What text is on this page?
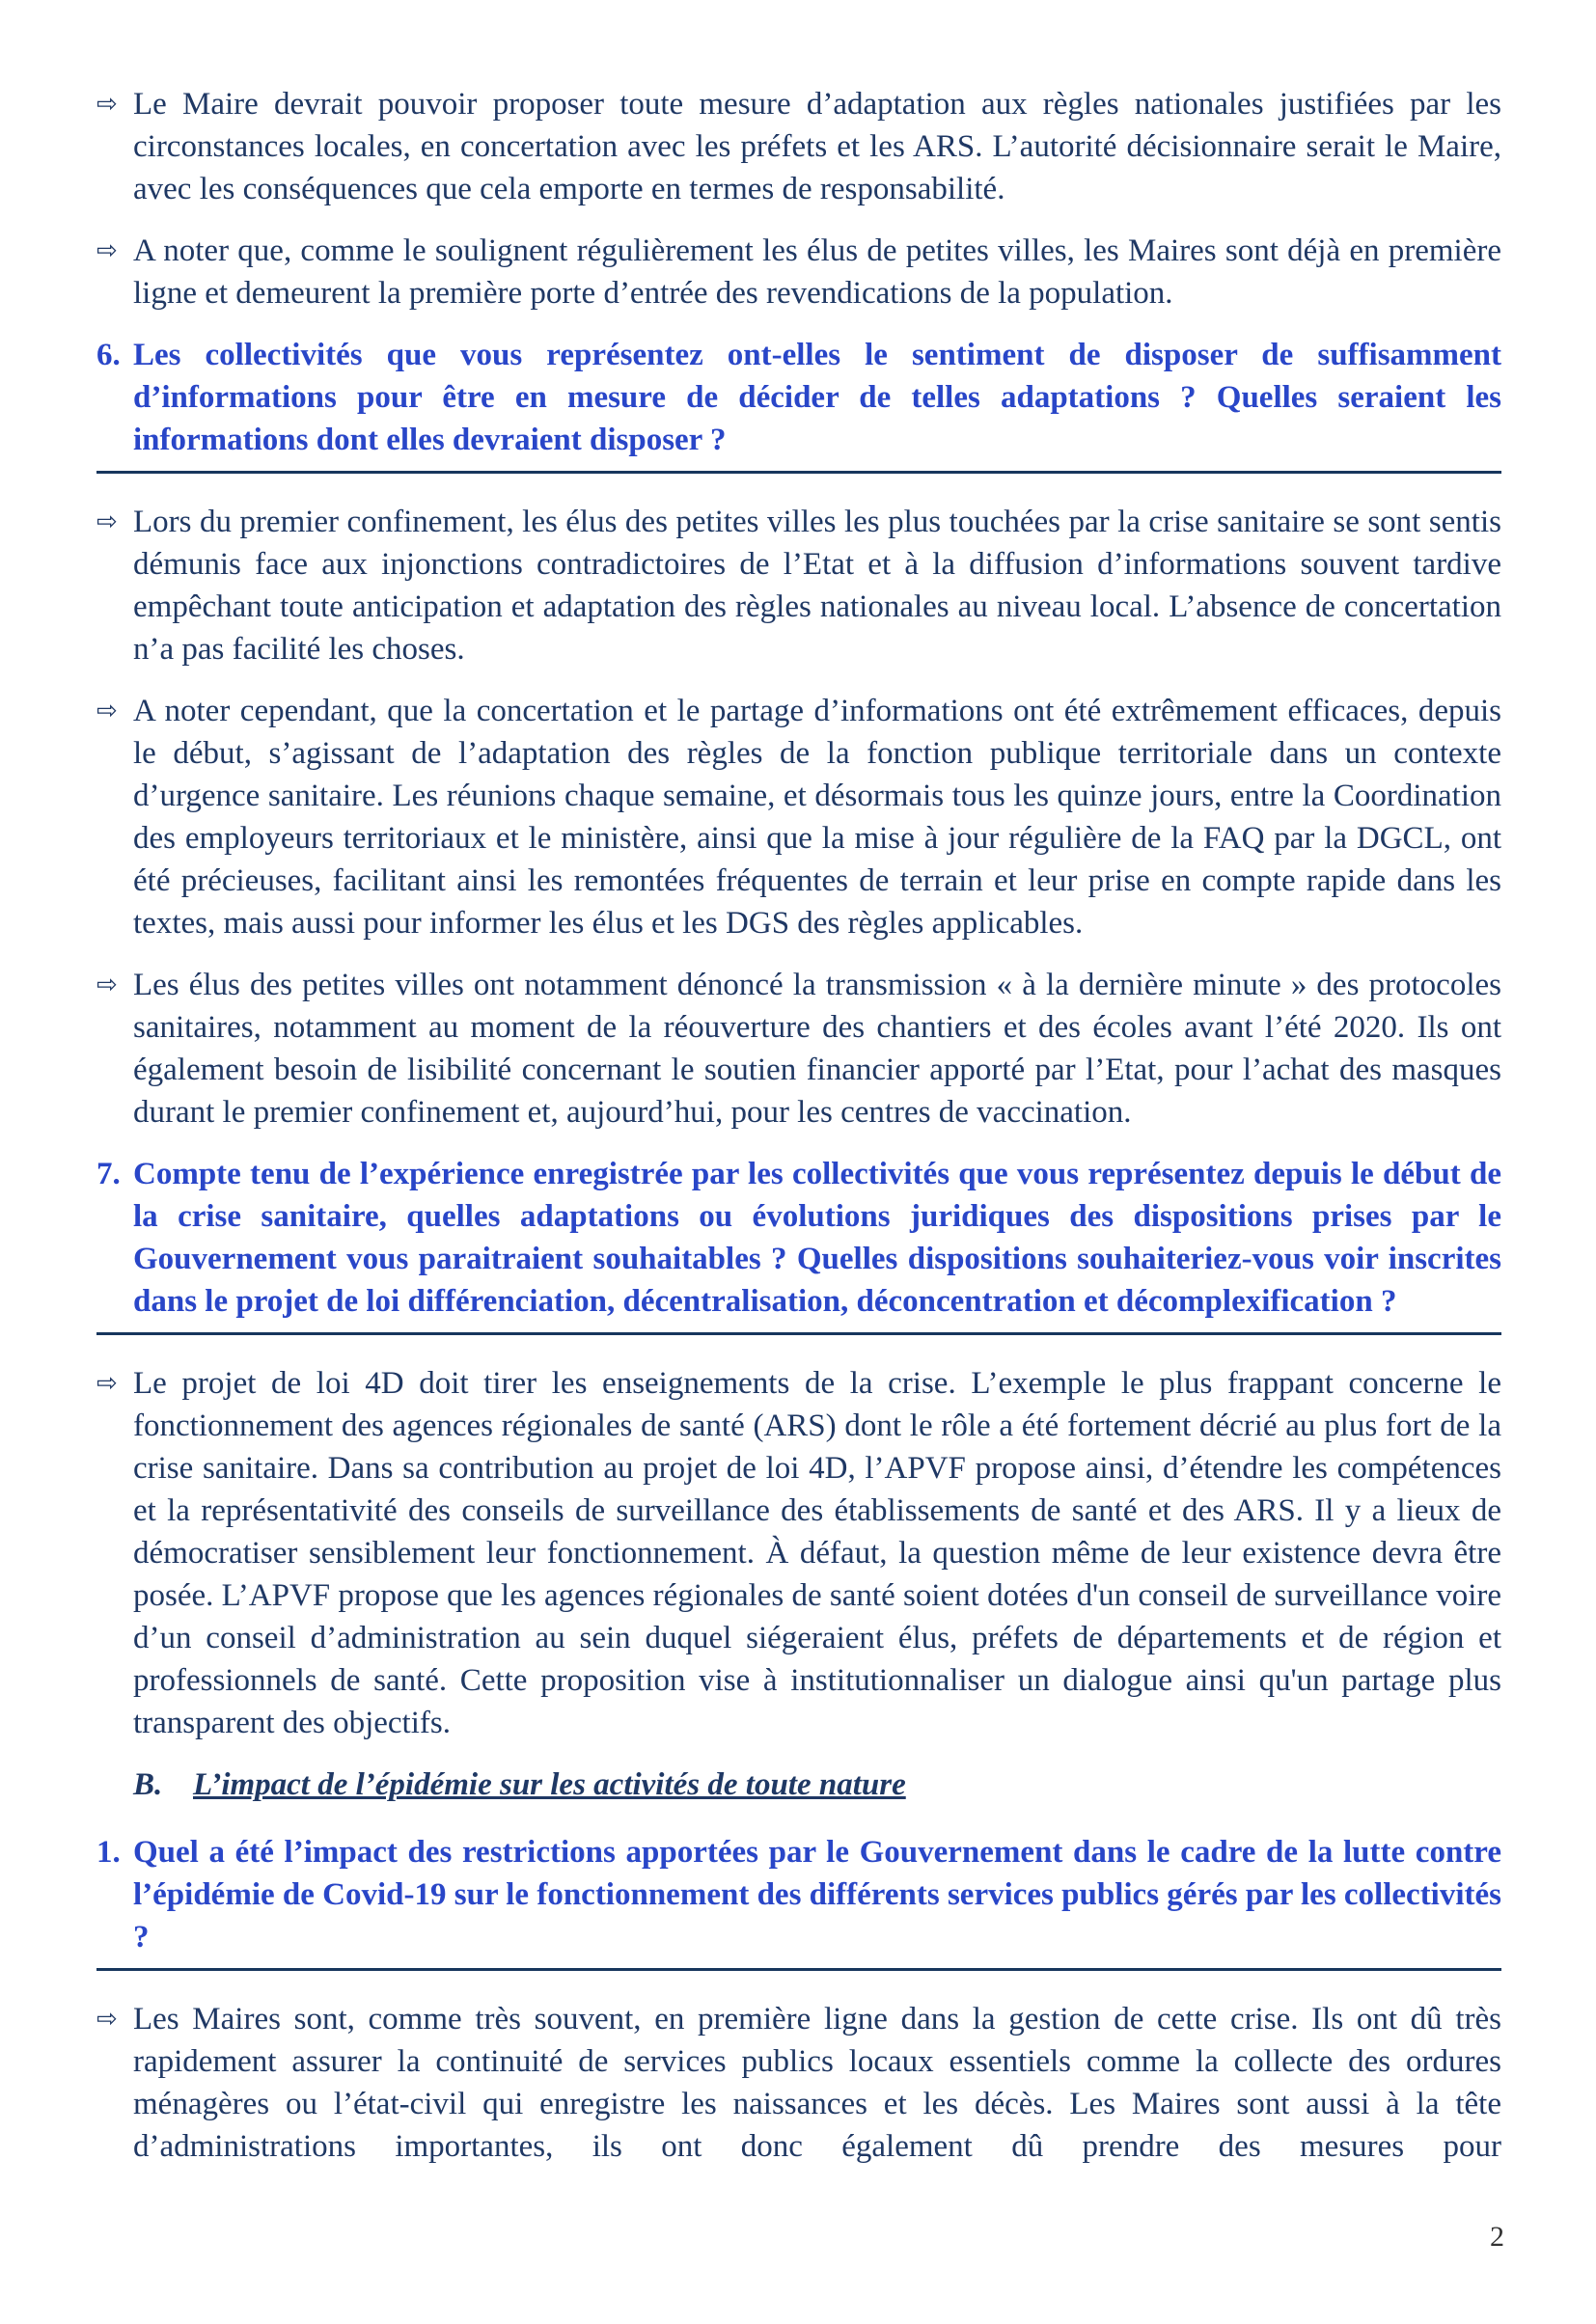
⇨ Le Maire devrait pouvoir proposer toute mesure d’adaptation aux règles nationales justifiées par les circonstances locales, en concertation avec les préfets et les ARS. L’autorité décisionnaire serait le Maire, avec les conséquences que cela emporte en termes de responsabilité.

⇨ A noter que, comme le soulignent régulièrement les élus de petites villes, les Maires sont déjà en première ligne et demeurent la première porte d’entrée des revendications de la population.

6. Les collectivités que vous représentez ont-elles le sentiment de disposer de suffisamment d’informations pour être en mesure de décider de telles adaptations ? Quelles seraient les informations dont elles devraient disposer ?

⇨ Lors du premier confinement, les élus des petites villes les plus touchées par la crise sanitaire se sont sentis démunis face aux injonctions contradictoires de l’Etat et à la diffusion d’informations souvent tardive empêchant toute anticipation et adaptation des règles nationales au niveau local. L’absence de concertation n’a pas facilité les choses.

⇨ A noter cependant, que la concertation et le partage d’informations ont été extrêmement efficaces, depuis le début, s’agissant de l’adaptation des règles de la fonction publique territoriale dans un contexte d’urgence sanitaire. Les réunions chaque semaine, et désormais tous les quinze jours, entre la Coordination des employeurs territoriaux et le ministère, ainsi que la mise à jour régulière de la FAQ par la DGCL, ont été précieuses, facilitant ainsi les remontées fréquentes de terrain et leur prise en compte rapide dans les textes, mais aussi pour informer les élus et les DGS des règles applicables.

⇨ Les élus des petites villes ont notamment dénoncé la transmission « à la dernière minute » des protocoles sanitaires, notamment au moment de la réouverture des chantiers et des écoles avant l’été 2020. Ils ont également besoin de lisibilité concernant le soutien financier apporté par l’Etat, pour l’achat des masques durant le premier confinement et, aujourd’hui, pour les centres de vaccination.

7. Compte tenu de l’expérience enregistrée par les collectivités que vous représentez depuis le début de la crise sanitaire, quelles adaptations ou évolutions juridiques des dispositions prises par le Gouvernement vous paraitraient souhaitables ? Quelles dispositions souhaiteriez-vous voir inscrites dans le projet de loi différenciation, décentralisation, déconcentration et décomplexification ?

⇨ Le projet de loi 4D doit tirer les enseignements de la crise. L’exemple le plus frappant concerne le fonctionnement des agences régionales de santé (ARS) dont le rôle a été fortement décrié au plus fort de la crise sanitaire. Dans sa contribution au projet de loi 4D, l’APVF propose ainsi, d’étendre les compétences et la représentativité des conseils de surveillance des établissements de santé et des ARS. Il y a lieux de démocratiser sensiblement leur fonctionnement. À défaut, la question même de leur existence devra être posée. L’APVF propose que les agences régionales de santé soient dotées d'un conseil de surveillance voire d’un conseil d’administration au sein duquel siégeraient élus, préfets de départements et de région et professionnels de santé. Cette proposition vise à institutionnaliser un dialogue ainsi qu'un partage plus transparent des objectifs.

B. L’impact de l’épidémie sur les activités de toute nature
1. Quel a été l’impact des restrictions apportées par le Gouvernement dans le cadre de la lutte contre l’épidémie de Covid-19 sur le fonctionnement des différents services publics gérés par les collectivités ?

⇨ Les Maires sont, comme très souvent, en première ligne dans la gestion de cette crise. Ils ont dû très rapidement assurer la continuité de services publics locaux essentiels comme la collecte des ordures ménagères ou l’état-civil qui enregistre les naissances et les décès. Les Maires sont aussi à la tête d’administrations importantes, ils ont donc également dû prendre des mesures pour

2
